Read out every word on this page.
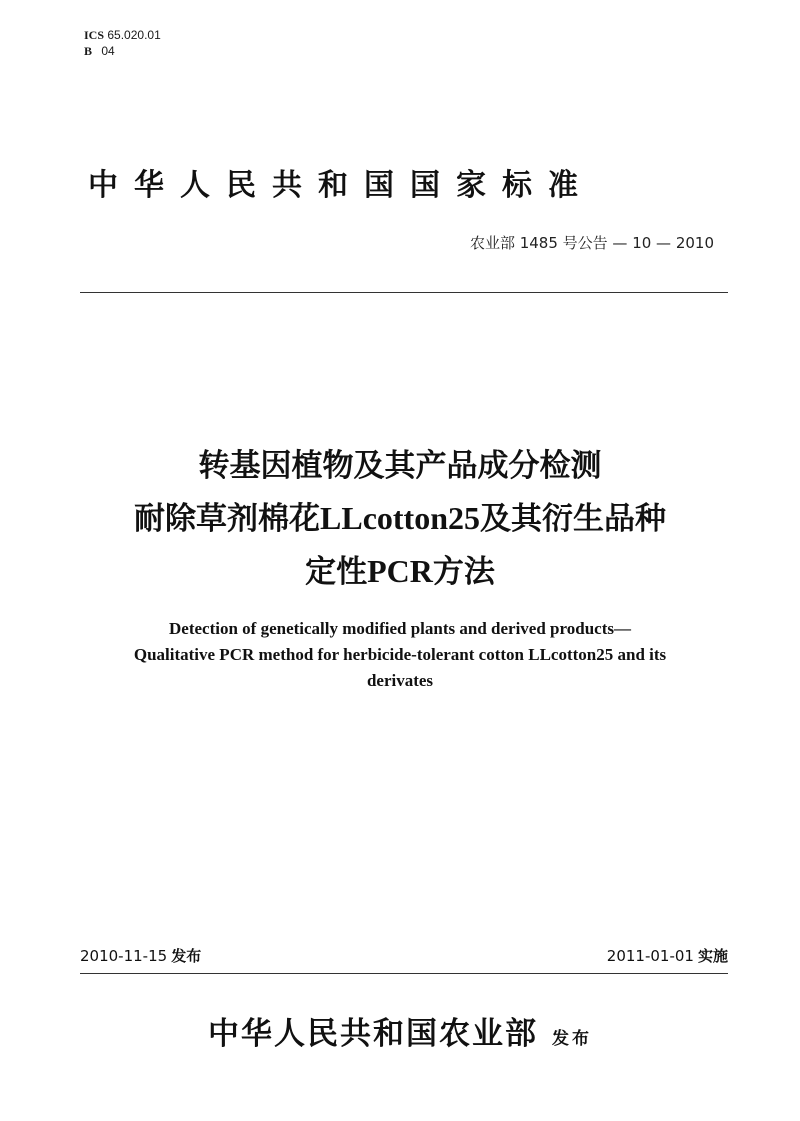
ICS 65.020.01
B 04
中华人民共和国国家标准
农业部 1485 号公告 — 10 — 2010
转基因植物及其产品成分检测
耐除草剂棉花LLcotton25及其衍生品种
定性PCR方法
Detection of genetically modified plants and derived products—
Qualitative PCR method for herbicide-tolerant cotton LLcotton25 and its
derivates
2010-11-15 发布	2011-01-01 实施
中华人民共和国农业部 发布
